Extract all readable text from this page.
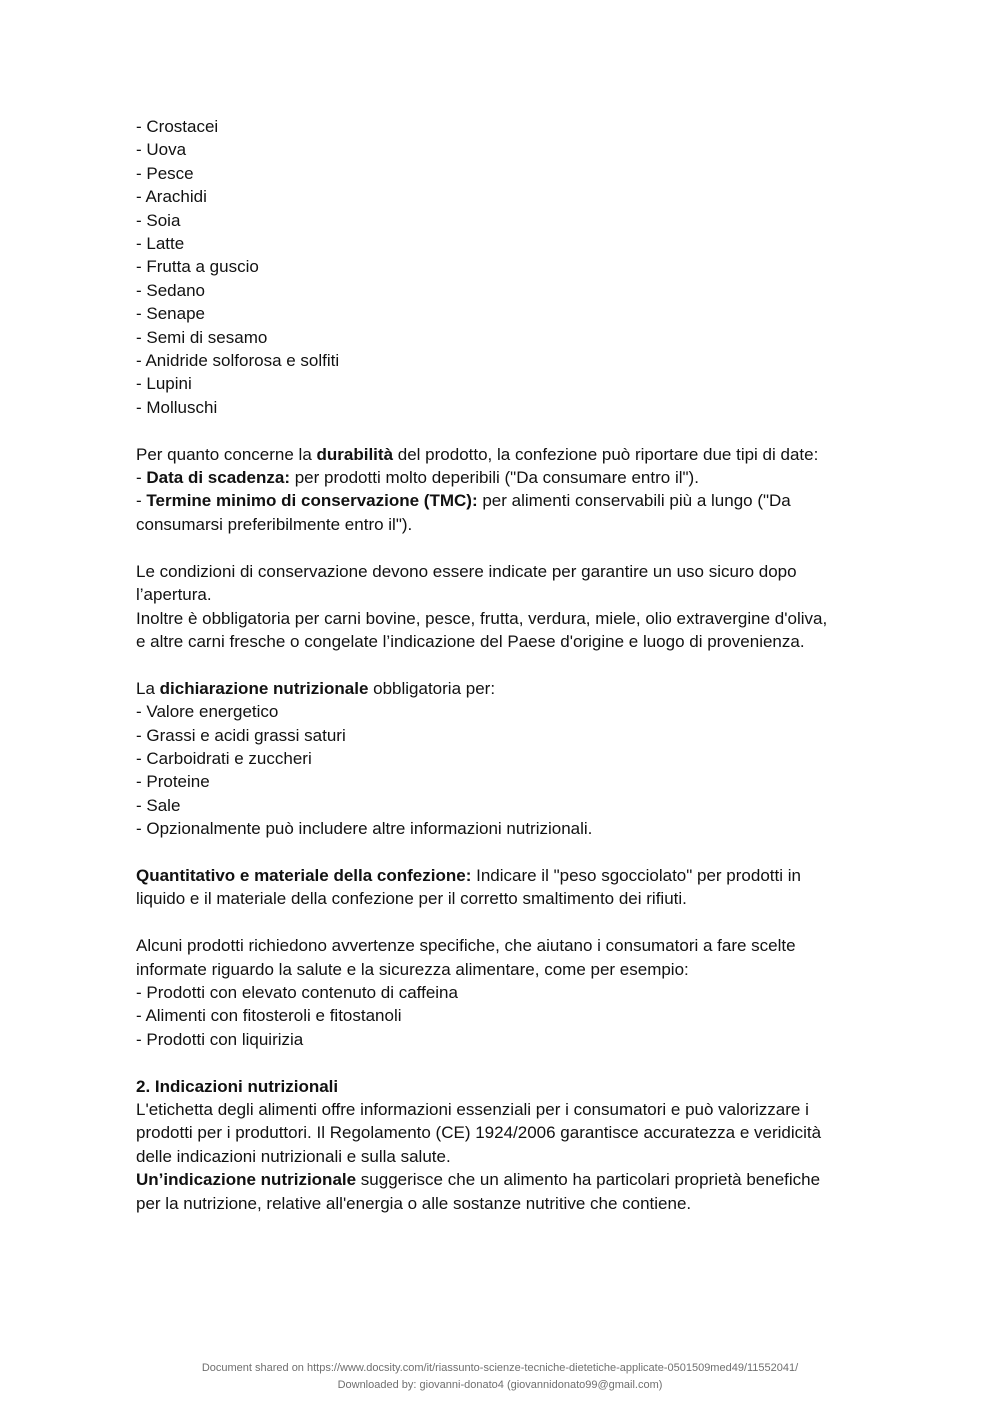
- Crostacei
- Uova
- Pesce
- Arachidi
- Soia
- Latte
- Frutta a guscio
- Sedano
- Senape
- Semi di sesamo
- Anidride solforosa e solfiti
- Lupini
- Molluschi
Per quanto concerne la durabilità del prodotto, la confezione può riportare due tipi di date:
- Data di scadenza: per prodotti molto deperibili ("Da consumare entro il").
- Termine minimo di conservazione (TMC): per alimenti conservabili più a lungo ("Da
consumarsi preferibilmente entro il").
Le condizioni di conservazione devono essere indicate per garantire un uso sicuro dopo
l’apertura.
Inoltre è obbligatoria per carni bovine, pesce, frutta, verdura, miele, olio extravergine d'oliva,
e altre carni fresche o congelate l’indicazione del Paese d'origine e luogo di provenienza.
La dichiarazione nutrizionale obbligatoria per:
- Valore energetico
- Grassi e acidi grassi saturi
- Carboidrati e zuccheri
- Proteine
- Sale
- Opzionalmente può includere altre informazioni nutrizionali.
Quantitativo e materiale della confezione: Indicare il "peso sgocciolato" per prodotti in
liquido e il materiale della confezione per il corretto smaltimento dei rifiuti.
Alcuni prodotti richiedono avvertenze specifiche, che aiutano i consumatori a fare scelte
informate riguardo la salute e la sicurezza alimentare, come per esempio:
- Prodotti con elevato contenuto di caffeina
- Alimenti con fitosteroli e fitostanoli
- Prodotti con liquirizia
2. Indicazioni nutrizionali
L'etichetta degli alimenti offre informazioni essenziali per i consumatori e può valorizzare i
prodotti per i produttori. Il Regolamento (CE) 1924/2006 garantisce accuratezza e veridicità
delle indicazioni nutrizionali e sulla salute.
Un’indicazione nutrizionale suggerisce che un alimento ha particolari proprietà benefiche
per la nutrizione, relative all'energia o alle sostanze nutritive che contiene.
Document shared on https://www.docsity.com/it/riassunto-scienze-tecniche-dietetiche-applicate-0501509med49/11552041/
Downloaded by: giovanni-donato4 (giovannidonato99@gmail.com)
